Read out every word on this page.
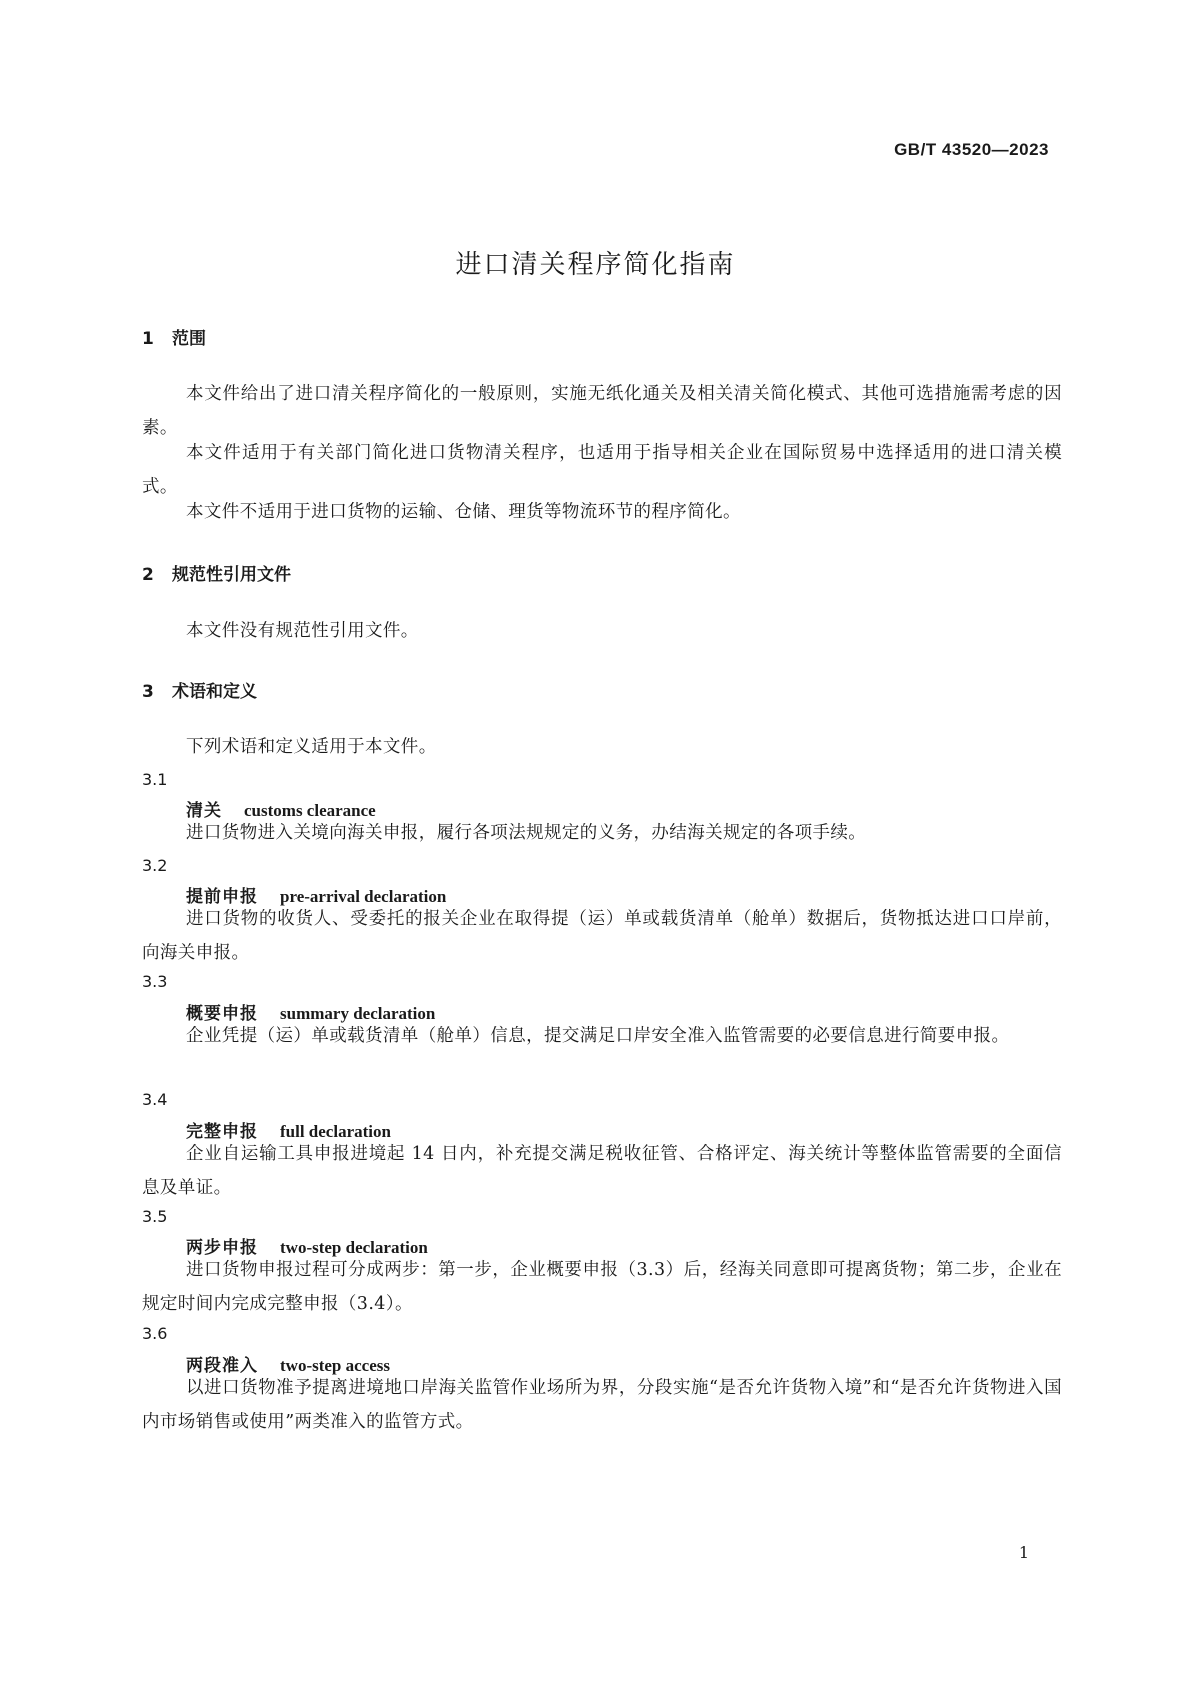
GB/T 43520—2023
进口清关程序简化指南
1 范围

本文件给出了进口清关程序简化的一般原则，实施无纸化通关及相关清关简化模式、其他可选措施需考虑的因素。

本文件适用于有关部门简化进口货物清关程序，也适用于指导相关企业在国际贸易中选择适用的进口清关模式。

本文件不适用于进口货物的运输、仓储、理货等物流环节的程序简化。

2 规范性引用文件

本文件没有规范性引用文件。

3 术语和定义

下列术语和定义适用于本文件。

3.1
清关 customs clearance

进口货物进入关境向海关申报，履行各项法规规定的义务，办结海关规定的各项手续。

3.2
提前申报 pre-arrival declaration

进口货物的收货人、受委托的报关企业在取得提（运）单或载货清单（舱单）数据后，货物抵达进口口岸前，向海关申报。

3.3
概要申报 summary declaration

企业凭提（运）单或载货清单（舱单）信息，提交满足口岸安全准入监管需要的必要信息进行简要申报。

3.4
完整申报 full declaration

企业自运输工具申报进境起 14 日内，补充提交满足税收征管、合格评定、海关统计等整体监管需要的全面信息及单证。

3.5
两步申报 two-step declaration

进口货物申报过程可分成两步：第一步，企业概要申报（3.3）后，经海关同意即可提离货物；第二步，企业在规定时间内完成完整申报（3.4）。

3.6
两段准入 two-step access

以进口货物准予提离进境地口岸海关监管作业场所为界，分段实施“是否允许货物入境”和“是否允许货物进入国内市场销售或使用”两类准入的监管方式。

1
